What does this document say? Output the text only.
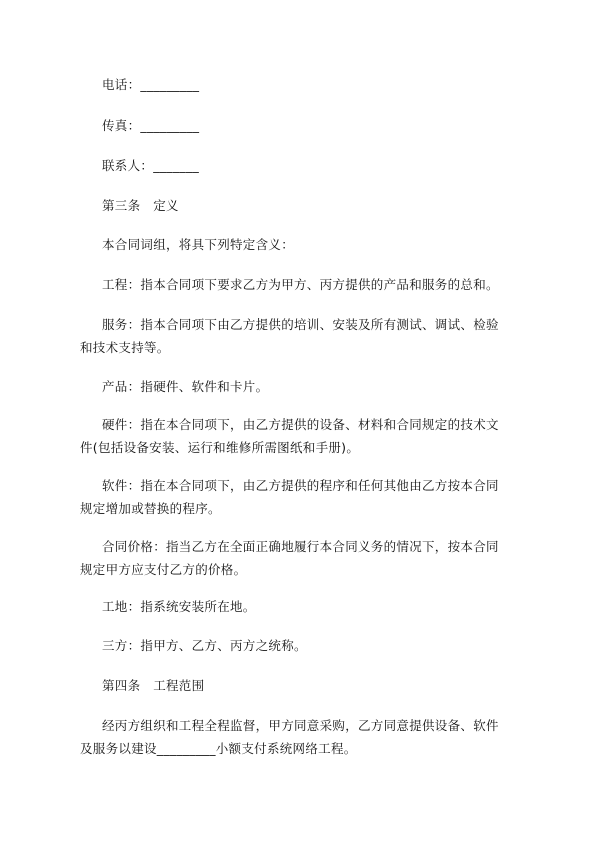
电话：_________

传真：_________

联系人：_______

第三条　定义

本合同词组，将具下列特定含义：

工程：指本合同项下要求乙方为甲方、丙方提供的产品和服务的总和。

服务：指本合同项下由乙方提供的培训、安装及所有测试、调试、检验和技术支持等。

产品：指硬件、软件和卡片。

硬件：指在本合同项下，由乙方提供的设备、材料和合同规定的技术文件(包括设备安装、运行和维修所需图纸和手册)。

软件：指在本合同项下，由乙方提供的程序和任何其他由乙方按本合同规定增加或替换的程序。

合同价格：指当乙方在全面正确地履行本合同义务的情况下，按本合同规定甲方应支付乙方的价格。

工地：指系统安装所在地。

三方：指甲方、乙方、丙方之统称。

第四条　工程范围

经丙方组织和工程全程监督，甲方同意采购，乙方同意提供设备、软件及服务以建设_________小额支付系统网络工程。
